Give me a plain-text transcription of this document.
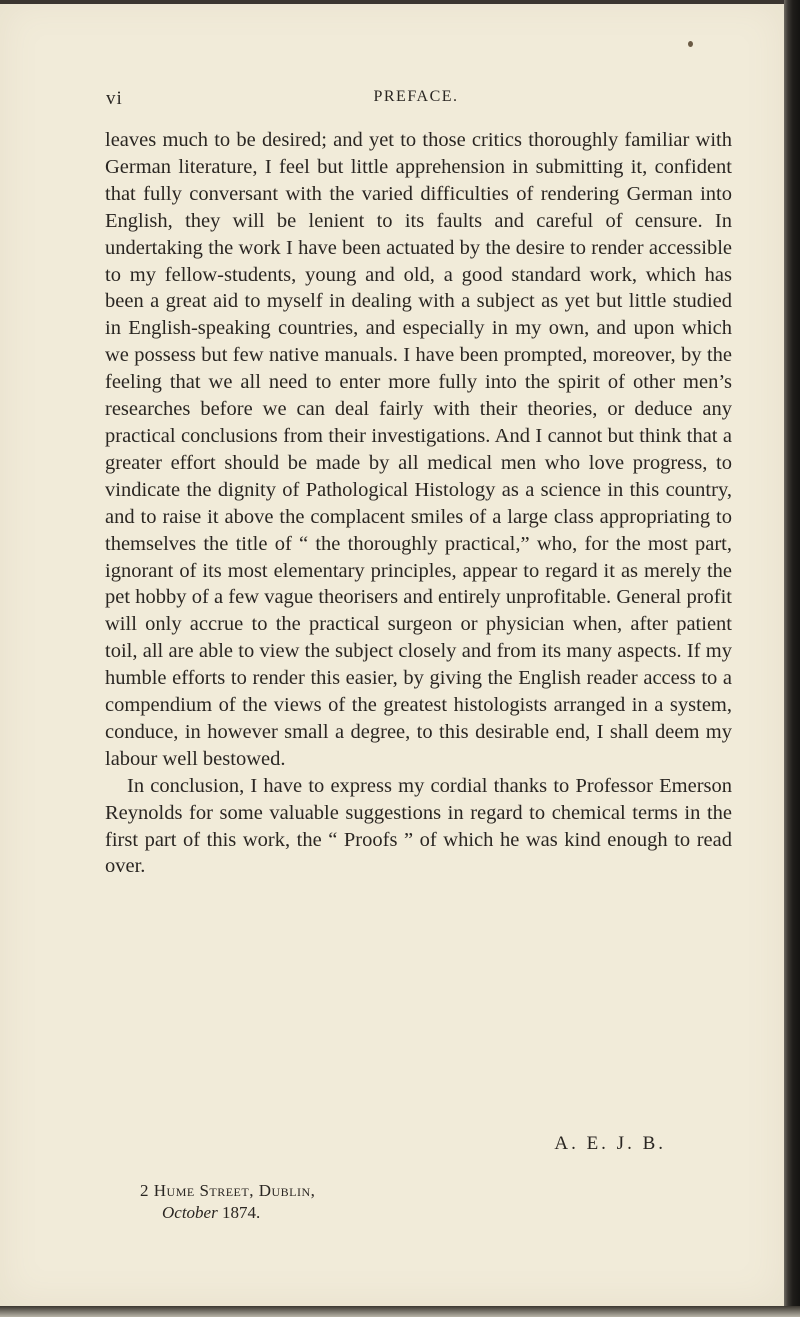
vi	PREFACE.

leaves much to be desired; and yet to those critics thoroughly familiar with German literature, I feel but little apprehension in submitting it, confident that fully conversant with the varied difficulties of rendering German into English, they will be lenient to its faults and careful of censure. In undertaking the work I have been actuated by the desire to render accessible to my fellow-students, young and old, a good standard work, which has been a great aid to myself in dealing with a subject as yet but little studied in English-speaking countries, and especially in my own, and upon which we possess but few native manuals. I have been prompted, moreover, by the feeling that we all need to enter more fully into the spirit of other men’s researches before we can deal fairly with their theories, or deduce any practical conclusions from their investigations. And I cannot but think that a greater effort should be made by all medical men who love progress, to vindicate the dignity of Pathological Histology as a science in this country, and to raise it above the complacent smiles of a large class appropriating to themselves the title of “ the thoroughly practical,” who, for the most part, ignorant of its most elementary principles, appear to regard it as merely the pet hobby of a few vague theorisers and entirely unprofitable. General profit will only accrue to the practical surgeon or physician when, after patient toil, all are able to view the subject closely and from its many aspects. If my humble efforts to render this easier, by giving the English reader access to a compendium of the views of the greatest histologists arranged in a system, conduce, in however small a degree, to this desirable end, I shall deem my labour well bestowed.

In conclusion, I have to express my cordial thanks to Professor Emerson Reynolds for some valuable suggestions in regard to chemical terms in the first part of this work, the “ Proofs ” of which he was kind enough to read over.

A. E. J. B.
2 Hume Street, Dublin,
October 1874.
